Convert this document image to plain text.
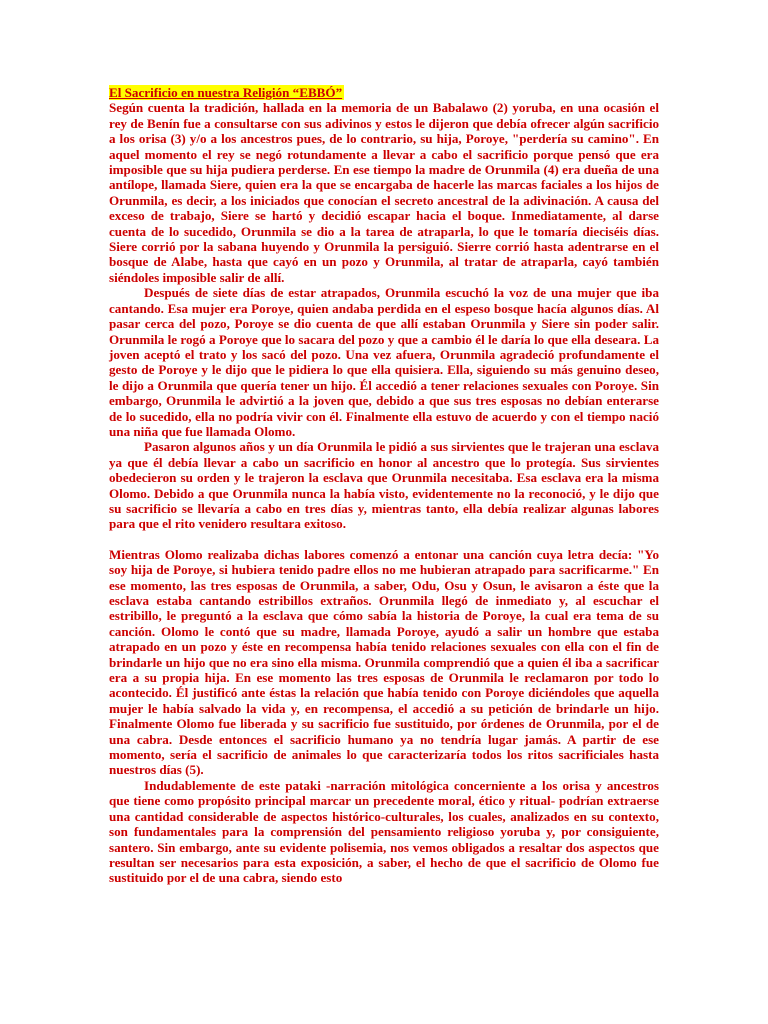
El Sacrificio en nuestra Religión “EBBÓ”

Según cuenta la tradición, hallada en la memoria de un Babalawo (2) yoruba, en una ocasión el rey de Benín fue a consultarse con sus adivinos y estos le dijeron que debía ofrecer algún sacrificio a los orisa (3) y/o a los ancestros pues, de lo contrario, su hija, Poroye, "perdería su camino". En aquel momento el rey se negó rotundamente a llevar a cabo el sacrificio porque pensó que era imposible que su hija pudiera perderse. En ese tiempo la madre de Orunmila (4) era dueña de una antílope, llamada Siere, quien era la que se encargaba de hacerle las marcas faciales a los hijos de Orunmila, es decir, a los iniciados que conocían el secreto ancestral de la adivinación. A causa del exceso de trabajo, Siere se hartó y decidió escapar hacia el boque. Inmediatamente, al darse cuenta de lo sucedido, Orunmila se dio a la tarea de atraparla, lo que le tomaría dieciséis días. Siere corrió por la sabana huyendo y Orunmila la persiguió. Sierre corrió hasta adentrarse en el bosque de Alabe, hasta que cayó en un pozo y Orunmila, al tratar de atraparla, cayó también siéndoles imposible salir de allí.

Después de siete días de estar atrapados, Orunmila escuchó la voz de una mujer que iba cantando. Esa mujer era Poroye, quien andaba perdida en el espeso bosque hacía algunos días. Al pasar cerca del pozo, Poroye se dio cuenta de que allí estaban Orunmila y Siere sin poder salir. Orunmila le rogó a Poroye que lo sacara del pozo y que a cambio él le daría lo que ella deseara. La joven aceptó el trato y los sacó del pozo. Una vez afuera, Orunmila agradeció profundamente el gesto de Poroye y le dijo que le pidiera lo que ella quisiera. Ella, siguiendo su más genuino deseo, le dijo a Orunmila que quería tener un hijo. Él accedió a tener relaciones sexuales con Poroye. Sin embargo, Orunmila le advirtió a la joven que, debido a que sus tres esposas no debían enterarse de lo sucedido, ella no podría vivir con él. Finalmente ella estuvo de acuerdo y con el tiempo nació una niña que fue llamada Olomo.

Pasaron algunos años y un día Orunmila le pidió a sus sirvientes que le trajeran una esclava ya que él debía llevar a cabo un sacrificio en honor al ancestro que lo protegía. Sus sirvientes obedecieron su orden y le trajeron la esclava que Orunmila necesitaba. Esa esclava era la misma Olomo. Debido a que Orunmila nunca la había visto, evidentemente no la reconoció, y le dijo que su sacrificio se llevaría a cabo en tres días y, mientras tanto, ella debía realizar algunas labores para que el rito venidero resultara exitoso.

Mientras Olomo realizaba dichas labores comenzó a entonar una canción cuya letra decía: "Yo soy hija de Poroye, si hubiera tenido padre ellos no me hubieran atrapado para sacrificarme." En ese momento, las tres esposas de Orunmila, a saber, Odu, Osu y Osun, le avisaron a éste que la esclava estaba cantando estribillos extraños. Orunmila llegó de inmediato y, al escuchar el estribillo, le preguntó a la esclava que cómo sabía la historia de Poroye, la cual era tema de su canción. Olomo le contó que su madre, llamada Poroye, ayudó a salir un hombre que estaba atrapado en un pozo y éste en recompensa había tenido relaciones sexuales con ella con el fin de brindarle un hijo que no era sino ella misma. Orunmila comprendió que a quien él iba a sacrificar era a su propia hija. En ese momento las tres esposas de Orunmila le reclamaron por todo lo acontecido. Él justificó ante éstas la relación que había tenido con Poroye diciéndoles que aquella mujer le había salvado la vida y, en recompensa, el accedió a su petición de brindarle un hijo. Finalmente Olomo fue liberada y su sacrificio fue sustituido, por órdenes de Orunmila, por el de una cabra. Desde entonces el sacrificio humano ya no tendría lugar jamás. A partir de ese momento, sería el sacrificio de animales lo que caracterizaría todos los ritos sacrificiales hasta nuestros días (5).

Indudablemente de este pataki -narración mitológica concerniente a los orisa y ancestros que tiene como propósito principal marcar un precedente moral, ético y ritual- podrían extraerse una cantidad considerable de aspectos histórico-culturales, los cuales, analizados en su contexto, son fundamentales para la comprensión del pensamiento religioso yoruba y, por consiguiente, santero. Sin embargo, ante su evidente polisemia, nos vemos obligados a resaltar dos aspectos que resultan ser necesarios para esta exposición, a saber, el hecho de que el sacrificio de Olomo fue sustituido por el de una cabra, siendo esto
